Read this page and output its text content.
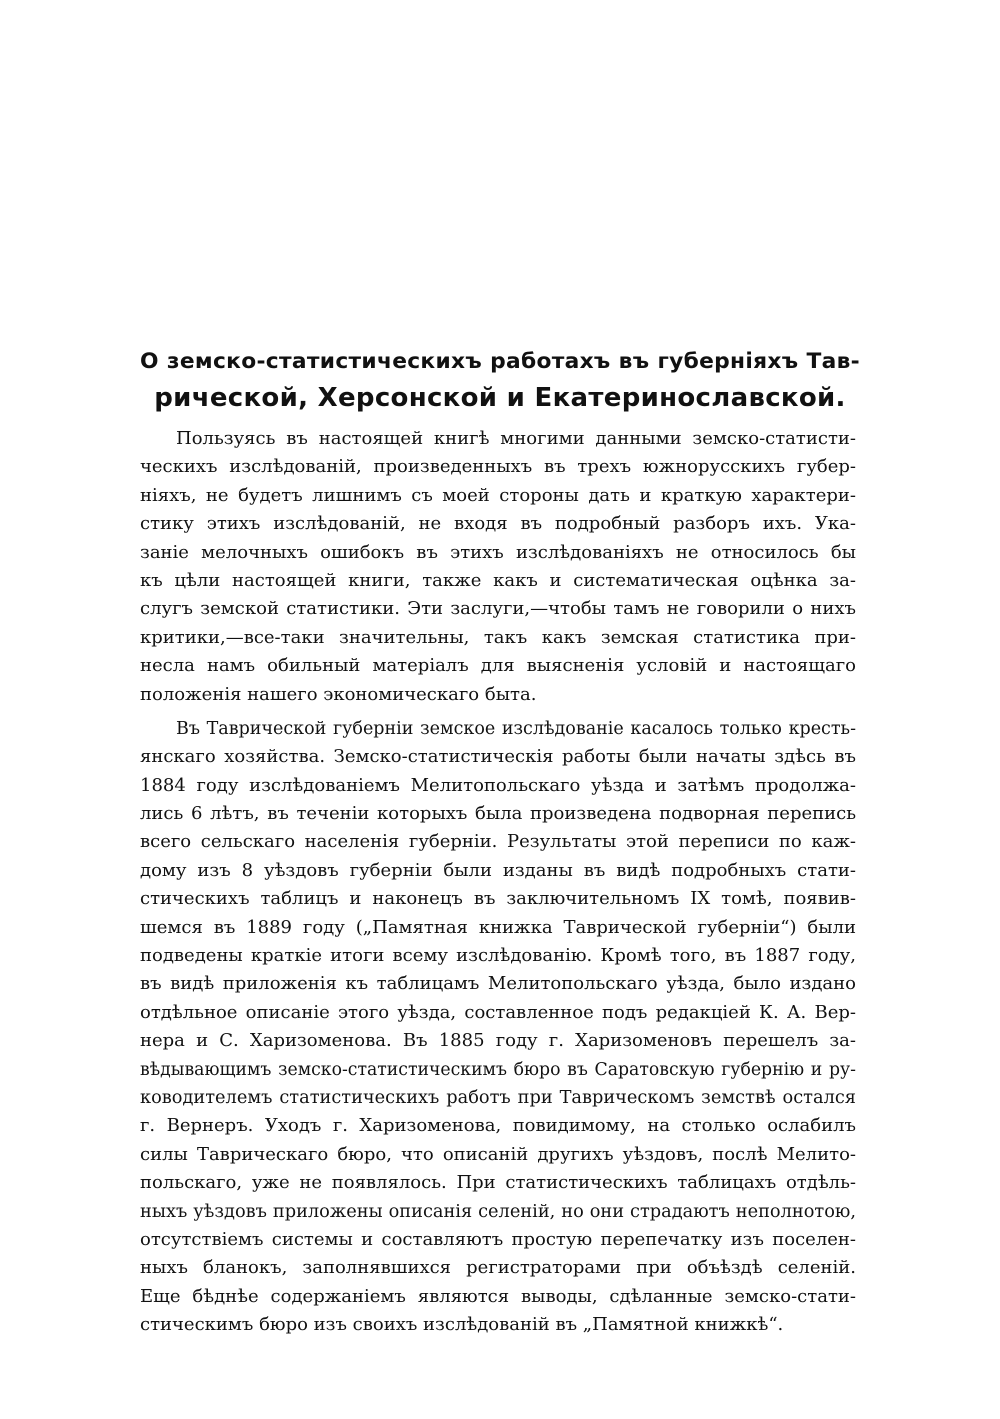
О земско-статистическихъ работахъ въ губерніяхъ Тав-
рической, Херсонской и Екатеринославской.
Пользуясь въ настоящей книгѣ многими данными земско-статисти-
ческихъ изслѣдованій, произведенныхъ въ трехъ южнорусскихъ губер-
ніяхъ, не будетъ лишнимъ съ моей стороны дать и краткую характери-
стику этихъ изслѣдованій, не входя въ подробный разборъ ихъ. Ука-
заніе мелочныхъ ошибокъ въ этихъ изслѣдованіяхъ не относилось бы
къ цѣли настоящей книги, также какъ и систематическая оцѣнка за-
слугъ земской статистики. Эти заслуги,—чтобы тамъ не говорили о нихъ
критики,—все-таки значительны, такъ какъ земская статистика при-
несла намъ обильный матеріалъ для выясненія условій и настоящаго
положенія нашего экономическаго быта.
Въ Таврической губерніи земское изслѣдованіе касалось только кресть-
янскаго хозяйства. Земско-статистическія работы были начаты здѣсь въ
1884 году изслѣдованіемъ Мелитопольскаго уѣзда и затѣмъ продолжа-
лись 6 лѣтъ, въ теченіи которыхъ была произведена подворная перепись
всего сельскаго населенія губерніи. Результаты этой переписи по каж-
дому изъ 8 уѣздовъ губерніи были изданы въ видѣ подробныхъ стати-
стическихъ таблицъ и наконецъ въ заключительномъ IX томѣ, появив-
шемся въ 1889 году („Памятная книжка Таврической губерніи“) были
подведены краткіе итоги всему изслѣдованію. Кромѣ того, въ 1887 году,
въ видѣ приложенія къ таблицамъ Мелитопольскаго уѣзда, было издано
отдѣльное описаніе этого уѣзда, составленное подъ редакціей К. А. Вер-
нера и С. Харизоменова. Въ 1885 году г. Харизоменовъ перешелъ за-
вѣдывающимъ земско-статистическимъ бюро въ Саратовскую губернію и ру-
ководителемъ статистическихъ работъ при Таврическомъ земствѣ остался
г. Вернеръ. Уходъ г. Харизоменова, повидимому, на столько ослабилъ
силы Таврическаго бюро, что описаній другихъ уѣздовъ, послѣ Мелито-
польскаго, уже не появлялось. При статистическихъ таблицахъ отдѣль-
ныхъ уѣздовъ приложены описанія селеній, но они страдаютъ неполнотою,
отсутствіемъ системы и составляютъ простую перепечатку изъ поселен-
ныхъ бланокъ, заполнявшихся регистраторами при объѣздѣ селеній.
Еще бѣднѣе содержаніемъ являются выводы, сдѣланные земско-стати-
стическимъ бюро изъ своихъ изслѣдованій въ „Памятной книжкѣ“.
